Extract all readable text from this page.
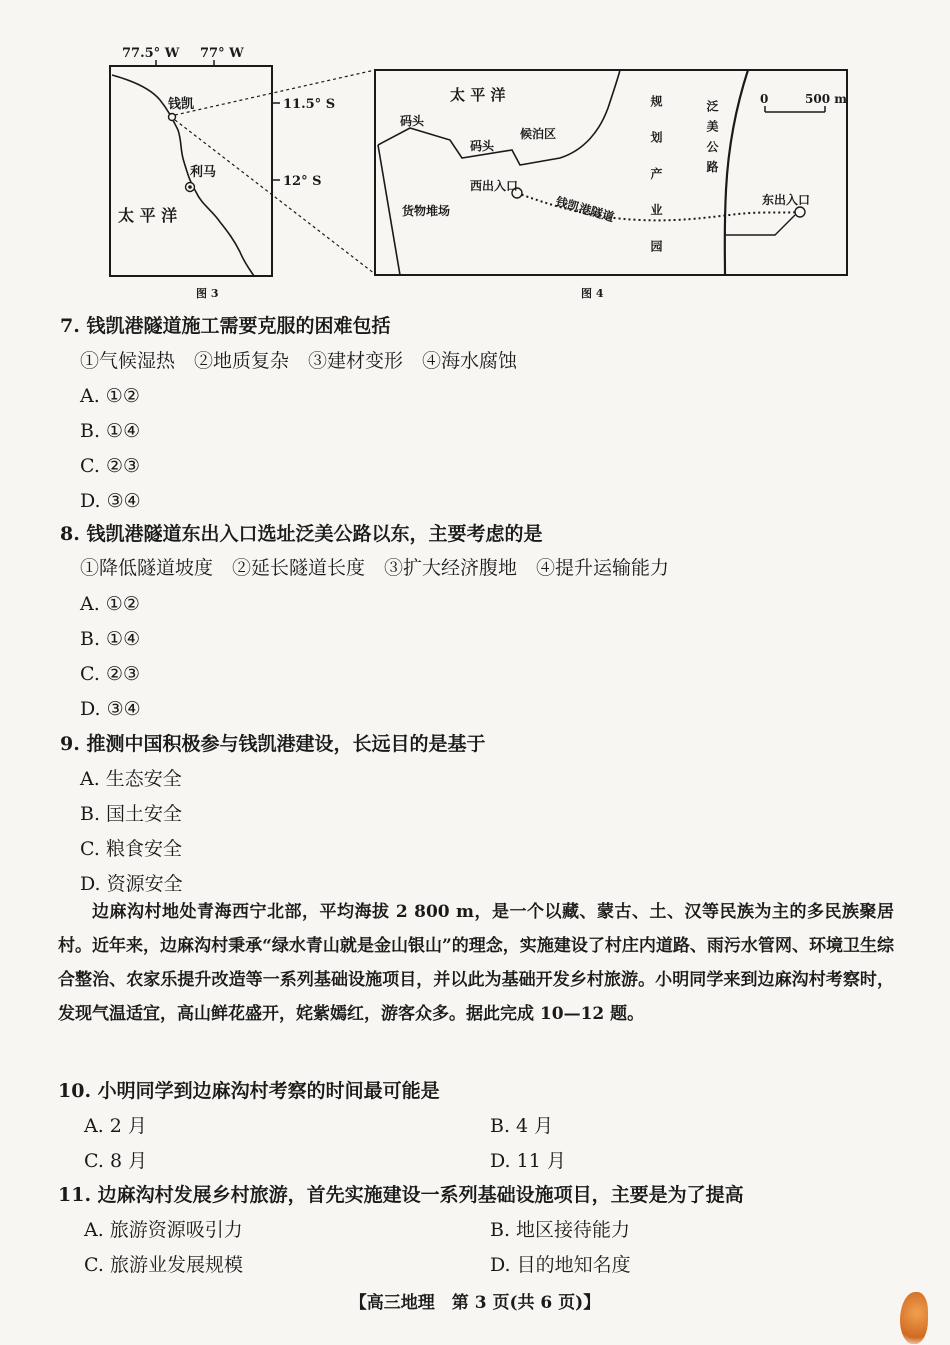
77.5° W 77° W
11.5° S
12° S
钱凯
利马
太 平 洋
图 3
太 平 洋
码头
码头
候泊区
西出入口
货物堆场	钱凯港隧道	规 划 产 业 园	泛 美 公 路
东出入口
0	500 m
图 4
7. 钱凯港隧道施工需要克服的困难包括
①气候湿热　②地质复杂　③建材变形　④海水腐蚀
A. ①②
B. ①④
C. ②③
D. ③④
8. 钱凯港隧道东出入口选址泛美公路以东，主要考虑的是
①降低隧道坡度　②延长隧道长度　③扩大经济腹地　④提升运输能力
A. ①②
B. ①④
C. ②③
D. ③④
9. 推测中国积极参与钱凯港建设，长远目的是基于
A. 生态安全
B. 国土安全
C. 粮食安全
D. 资源安全

边麻沟村地处青海西宁北部，平均海拔 2 800 m，是一个以藏、蒙古、土、汉等民族为主的多民族聚居村。近年来，边麻沟村秉承“绿水青山就是金山银山”的理念，实施建设了村庄内道路、雨污水管网、环境卫生综合整治、农家乐提升改造等一系列基础设施项目，并以此为基础开发乡村旅游。小明同学来到边麻沟村考察时，发现气温适宜，高山鲜花盛开，姹紫嫣红，游客众多。据此完成 10—12 题。

10. 小明同学到边麻沟村考察的时间最可能是
A. 2 月	B. 4 月
C. 8 月	D. 11 月
11. 边麻沟村发展乡村旅游，首先实施建设一系列基础设施项目，主要是为了提高
A. 旅游资源吸引力	B. 地区接待能力
C. 旅游业发展规模	D. 目的地知名度
【高三地理　第 3 页(共 6 页)】
